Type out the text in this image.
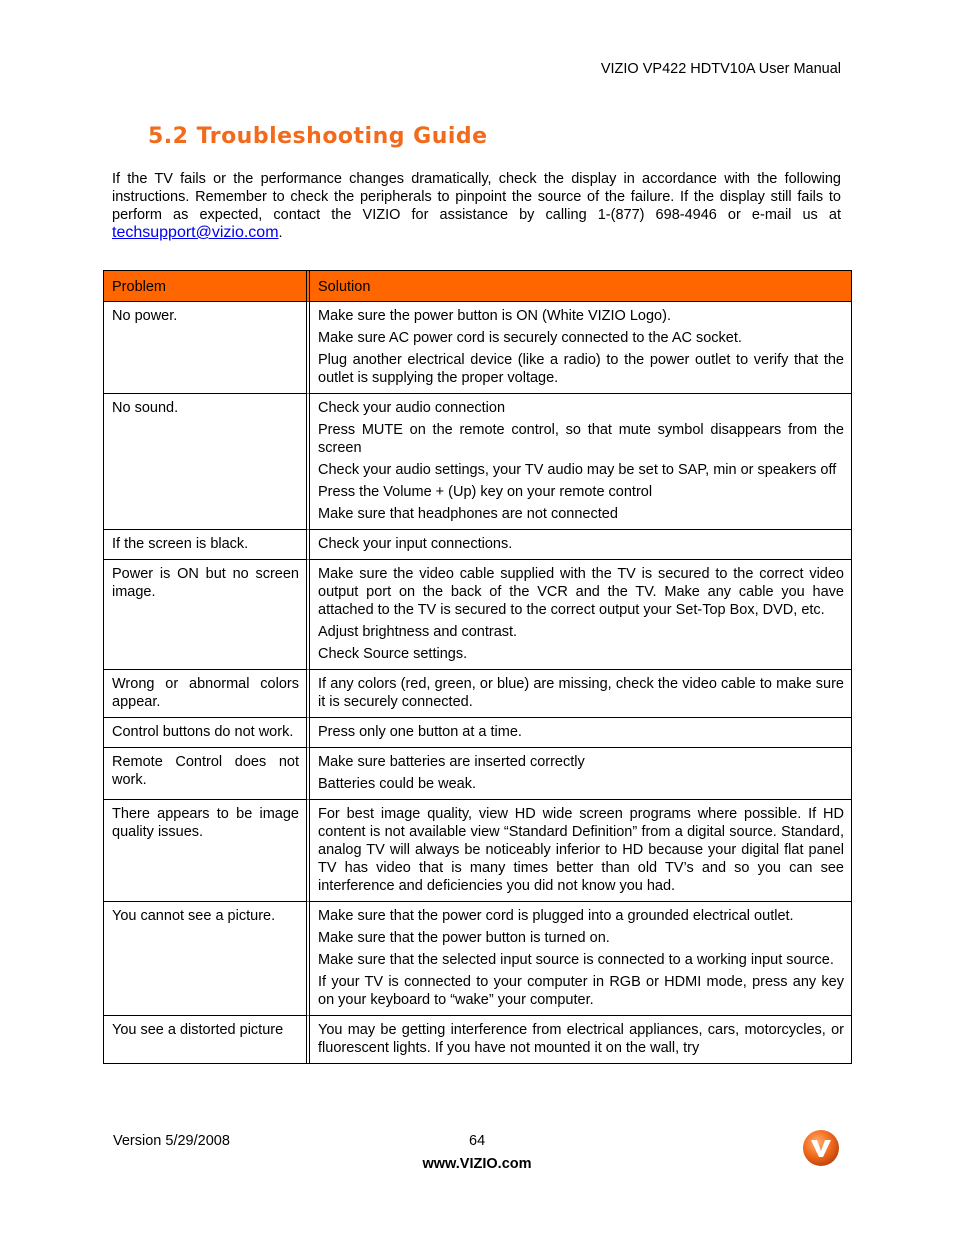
VIZIO VP422 HDTV10A User Manual
5.2 Troubleshooting Guide
If the TV fails or the performance changes dramatically, check the display in accordance with the following instructions. Remember to check the peripherals to pinpoint the source of the failure. If the display still fails to perform as expected, contact the VIZIO for assistance by calling 1-(877) 698-4946 or e-mail us at techsupport@vizio.com.
Problem	Solution
No power.	Make sure the power button is ON (White VIZIO Logo).
Make sure AC power cord is securely connected to the AC socket.
Plug another electrical device (like a radio) to the power outlet to verify that the outlet is supplying the proper voltage.

No sound.	Check your audio connection
Press MUTE on the remote control, so that mute symbol disappears from the screen
Check your audio settings, your TV audio may be set to SAP, min or speakers off
Press the Volume + (Up) key on your remote control
Make sure that headphones are not connected

If the screen is black.	Check your input connections.

Power is ON but no screen image.	Make sure the video cable supplied with the TV is secured to the correct video output port on the back of the VCR and the TV. Make any cable you have attached to the TV is secured to the correct output your Set-Top Box, DVD, etc.
Adjust brightness and contrast.
Check Source settings.

Wrong or abnormal colors appear.	If any colors (red, green, or blue) are missing, check the video cable to make sure it is securely connected.

Control buttons do not work.	Press only one button at a time.

Remote Control does not work.	Make sure batteries are inserted correctly
Batteries could be weak.

There appears to be image quality issues.	For best image quality, view HD wide screen programs where possible. If HD content is not available view “Standard Definition” from a digital source. Standard, analog TV will always be noticeably inferior to HD because your digital flat panel TV has video that is many times better than old TV’s and so you can see interference and deficiencies you did not know you had.

You cannot see a picture.	Make sure that the power cord is plugged into a grounded electrical outlet.
Make sure that the power button is turned on.
Make sure that the selected input source is connected to a working input source.
If your TV is connected to your computer in RGB or HDMI mode, press any key on your keyboard to “wake” your computer.

You see a distorted picture	You may be getting interference from electrical appliances, cars, motorcycles, or fluorescent lights. If you have not mounted it on the wall, try
Version 5/29/2008	64
www.VIZIO.com
